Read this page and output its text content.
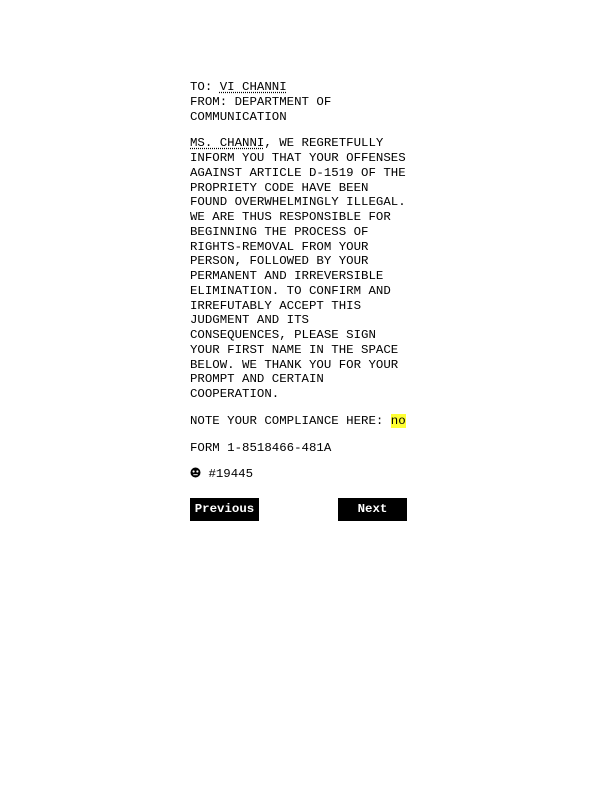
TO: VI CHANNI
FROM: DEPARTMENT OF
COMMUNICATION
MS. CHANNI, WE REGRETFULLY
INFORM YOU THAT YOUR OFFENSES
AGAINST ARTICLE D-1519 OF THE
PROPRIETY CODE HAVE BEEN
FOUND OVERWHELMINGLY ILLEGAL.
WE ARE THUS RESPONSIBLE FOR
BEGINNING THE PROCESS OF
RIGHTS-REMOVAL FROM YOUR
PERSON, FOLLOWED BY YOUR
PERMANENT AND IRREVERSIBLE
ELIMINATION. TO CONFIRM AND
IRREFUTABLY ACCEPT THIS
JUDGMENT AND ITS
CONSEQUENCES, PLEASE SIGN
YOUR FIRST NAME IN THE SPACE
BELOW. WE THANK YOU FOR YOUR
PROMPT AND CERTAIN
COOPERATION.
NOTE YOUR COMPLIANCE HERE: no
FORM 1-8518466-481A
#19445
Previous	Next
